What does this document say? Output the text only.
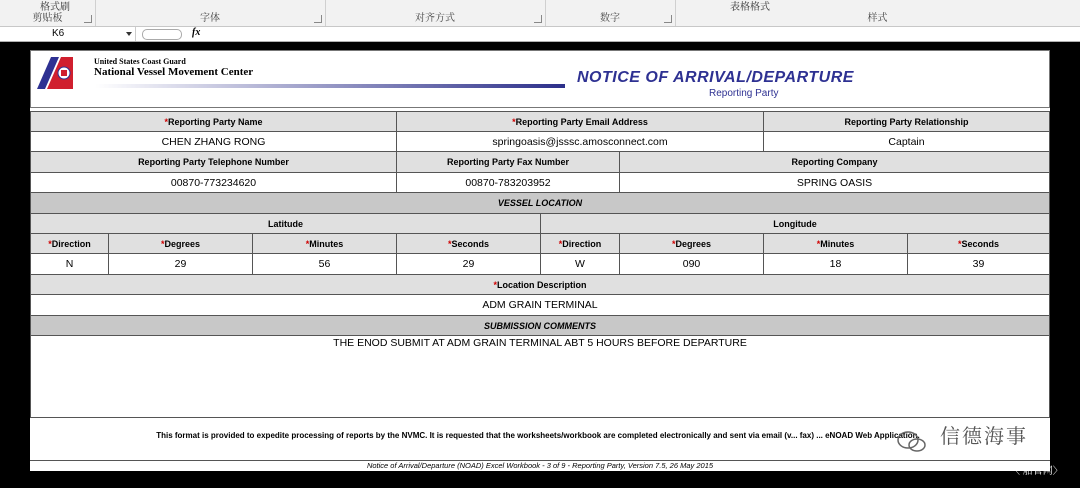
格式刷
剪贴板	字体	对齐方式	数字
表格格式
样式
K6	fx
United States Coast Guard
National Vessel Movement Center	NOTICE OF ARRIVAL/DEPARTURE
Reporting Party
* Reporting Party Name	* Reporting Party Email Address	Reporting Party Relationship
CHEN ZHANG RONG	springoasis@jsssc.amosconnect.com	Captain
Reporting Party Telephone Number	Reporting Party Fax Number	Reporting Company
00870-773234620	00870-783203952	SPRING OASIS
VESSEL LOCATION
Latitude	Longitude
* Direction	* Degrees	* Minutes	* Seconds	* Direction	* Degrees	* Minutes	* Seconds
N	29	56	29	W	090	18	39
* Location Description
ADM GRAIN TERMINAL
SUBMISSION COMMENTS
THE ENOD SUBMIT AT ADM GRAIN TERMINAL ABT 5 HOURS BEFORE DEPARTURE
This format is provided to expedite processing of reports by the NVMC. It is requested that the worksheets/workbook are completed electronically and sent via email (v... fax) ... eNOAD Web Application.
Notice of Arrival/Departure (NOAD) Excel Workbook - 3 of 9 - Reporting Party, Version 7.5, 26 May 2015
信德海事
〈 船管网〉
